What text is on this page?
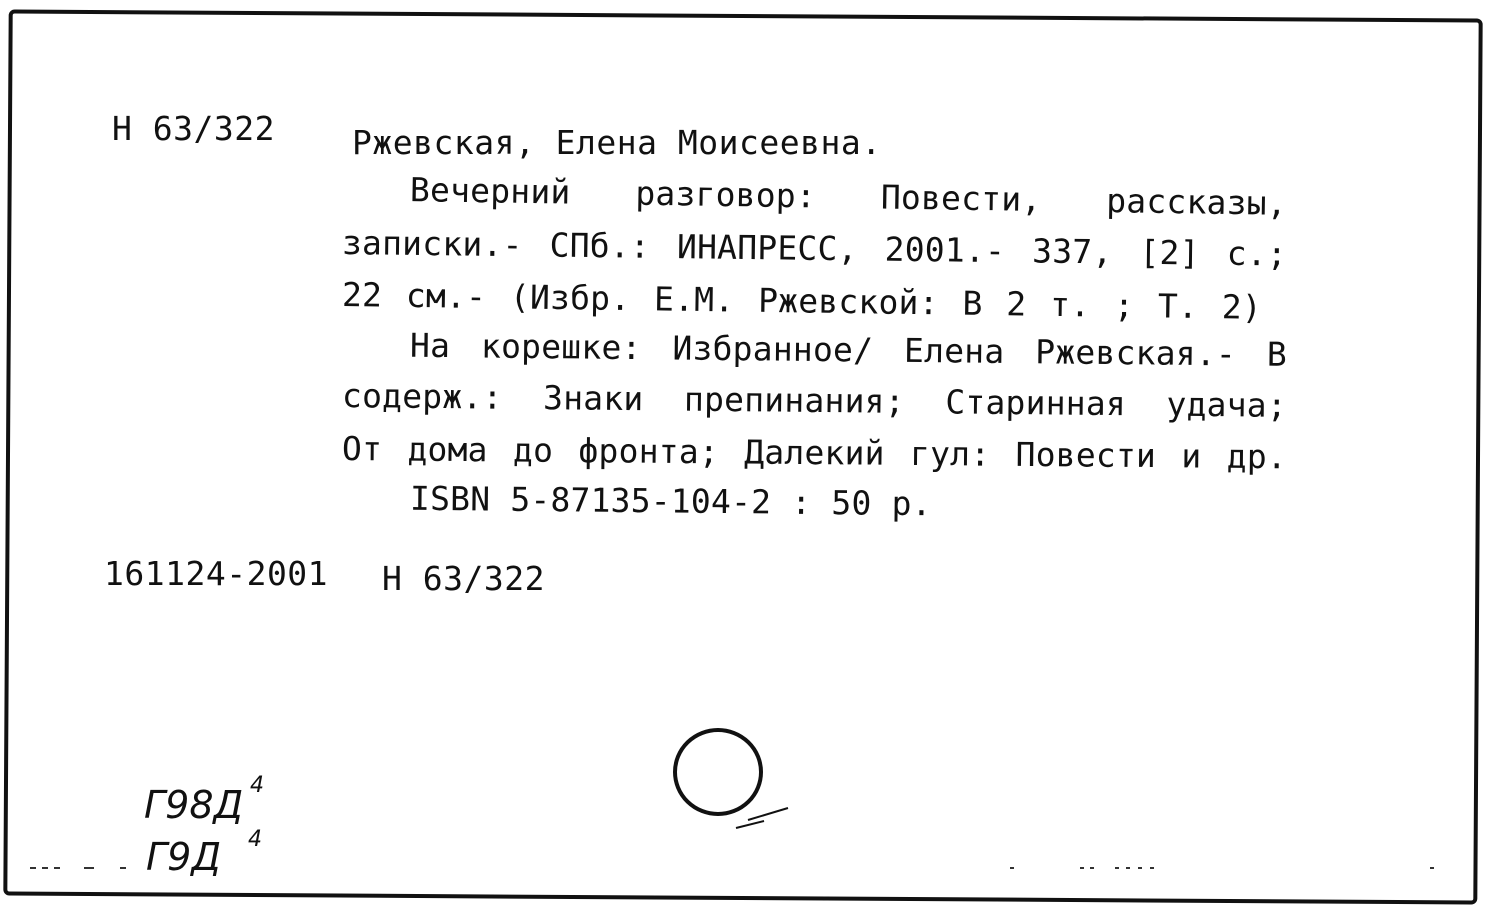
Н 63/322 Ржевская, Елена Моисеевна.
Вечерний разговор: Повести, рассказы,
записки.- СПб.: ИНАПРЕСС, 2001.- 337, [2] с.;
22 см.- (Избр. Е.М. Ржевской: В 2 т. ; Т. 2)
На корешке: Избранное/ Елена Ржевская.- В
содерж.: Знаки препинания; Старинная удача;
От дома до фронта; Далекий гул: Повести и др.
ISBN 5-87135-104-2 : 50 р.
161124-2001 Н 63/322
Г98Д 4
Г9Д 4
